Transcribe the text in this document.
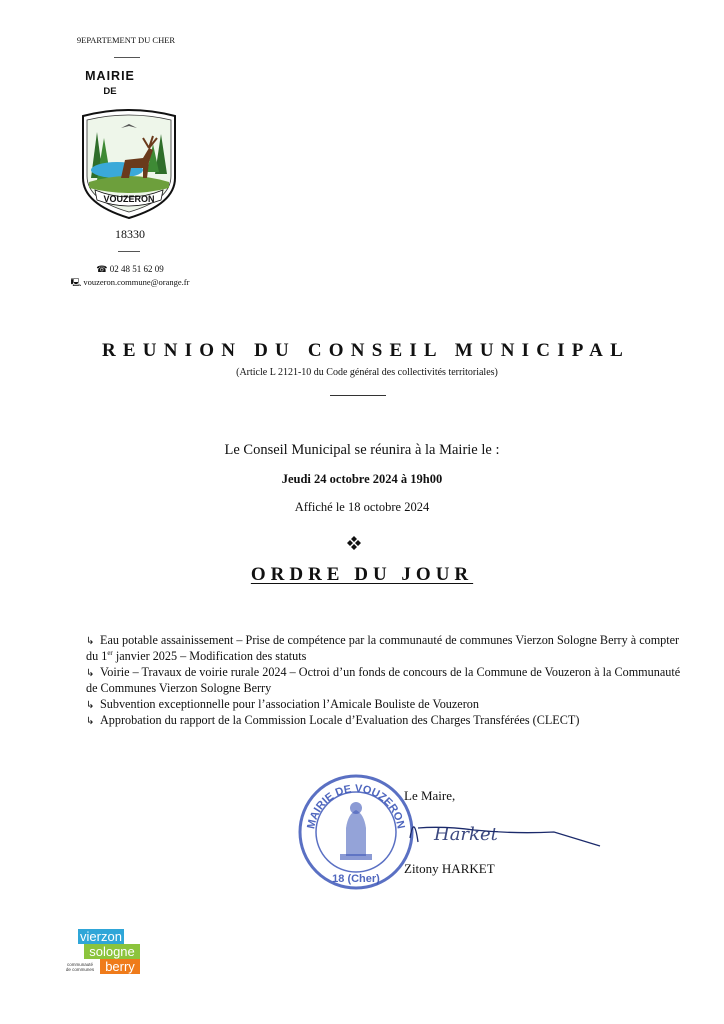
9EPARTEMENT DU CHER
MAIRIE
DE
VOUZERON
18330
☎ 02 48 51 62 09
🖳 vouzeron.commune@orange.fr
REUNION DU CONSEIL MUNICIPAL
(Article L 2121-10 du Code général des collectivités territoriales)
Le Conseil Municipal se réunira à la Mairie le :
Jeudi 24 octobre 2024 à 19h00
Affiché le 18 octobre 2024
ORDRE DU JOUR

↳ Eau potable assainissement – Prise de compétence par la communauté de communes Vierzon Sologne Berry à compter du 1er janvier 2025 – Modification des statuts

↳ Voirie – Travaux de voirie rurale 2024 – Octroi d’un fonds de concours de la Commune de Vouzeron à la Communauté de Communes Vierzon Sologne Berry

↳ Subvention exceptionnelle pour l’association l’Amicale Bouliste de Vouzeron

↳ Approbation du rapport de la Commission Locale d’Evaluation des Charges Transférées (CLECT)

MAIRIE DE VOUZERON
18 (Cher)
Le Maire,
Harket
Zitony HARKET
vierzon
sologne
berry
communauté
de communes
